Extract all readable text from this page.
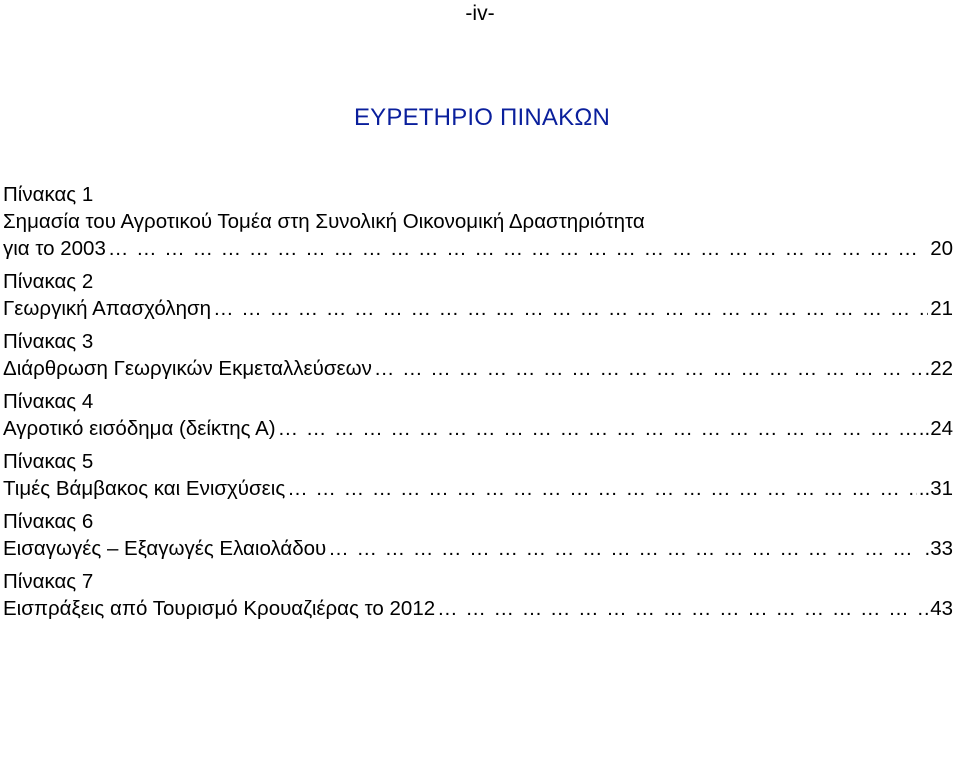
-iv-
ΕΥΡΕΤΗΡΙΟ ΠΙΝΑΚΩΝ
Πίνακας 1
Σημασία του Αγροτικού Τομέα στη Συνολική Οικονομική Δραστηριότητα
για το 2003 … … … … … … … … … … … … … … … … … … … … … … … … … … … … … … … … … … … … … …	20
Πίνακας 2
Γεωργική Απασχόληση … … … … … … … … … … … … … … … … … … … … … … … … … … … … … … … … … … … … … …	21
Πίνακας 3
Διάρθρωση Γεωργικών Εκμεταλλεύσεων … … … … … … … … … … … … … … … … … … … … … … … … … … … … … … … … … … … … … …	.22
Πίνακας 4
Αγροτικό εισόδημα (δείκτης Α) … … … … … … … … … … … … … … … … … … … … … … … … … … … … … … … … … … … … … …	..24
Πίνακας 5
Τιμές Βάμβακος και Ενισχύσεις … … … … … … … … … … … … … … … … … … … … … … … … … … … … … … … … … … … … … …	..31
Πίνακας 6
Εισαγωγές – Εξαγωγές Ελαιολάδου … … … … … … … … … … … … … … … … … … … … … … … … … … … … … … … … … … … … … …	.33
Πίνακας 7
Εισπράξεις από Τουρισμό Κρουαζιέρας το 2012 … … … … … … … … … … … … … … … … … … … … … … … … … … … … … … … … … … … … … …	43
